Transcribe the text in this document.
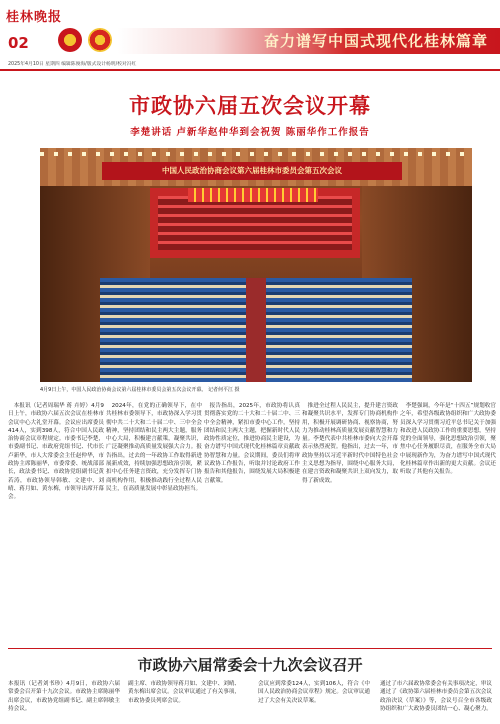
桂林晚报
02	奋力谱写中国式现代化桂林篇章
2025年4月10日 星期四 编辑陈俊海/版式设计杨明/校对冯红
市政协六届五次会议开幕
李楚讲话 卢新华赵仲华到会祝贺 陈丽华作工作报告
中国人民政治协商会议第六届桂林市委员会第五次会议
4月9日上午，中国人民政治协商会议第六届桂林市委员会第五次会议开幕。 记者何平江 摄

本报讯（记者周瑞华 蒋 卉婷）4月9日上午，市政协六届五次会议在桂林市会议中心大礼堂开幕。会议应出席委员414人，实到398人，符合中国人民政治协商会议章程规定。市委书记李楚，市委副书记、市政府党组书记、代市长卢新华，市人大常委会主任赵仲华，市政协主席陈丽华，市委常委、统战部部长，政法委书记、市政协党组副书记黄若涛，市政协领导韩敏、文建中、刘晴、蒋月如、黄东梅，市领导出席开幕会。

2024年，在党的正确领导下，在中共桂林市委领导下，市政协深入学习贯彻中共二十大和二十届二中、三中全会精神，坚持团结和民主两大主题，服务中心大局，积极建言献策，凝聚共识，广泛凝聚推动高质量发展强大合力。报告指出，过去的一年政协工作取得新进展新成效，持续加强思想政治引领，紧扣中心任务建言资政，充分发挥专门协商机构作用，积极推动践行全过程人民民主，在高质量发展中彰显政协担当。

报告指出，2025年，市政协将认真贯彻落实党的二十大和二十届二中、三中全会精神，紧扣市委中心工作，坚持团结和民主两大主题，把握新时代人民政协性质定位，推进协商民主建设，为奋力谱写中国式现代化桂林篇章贡献政协智慧和力量。会议期间，委员们将审议政协工作报告，听取并讨论政府工作报告和其他报告，围绕发展大局积极建言献策。

推进全过程人民民主，提升建言资政和凝聚共识水平，发挥专门协商机构作用，积极开展调研协商、视察协商，努力为推动桂林高质量发展贡献智慧和力量。李楚代表中共桂林市委向大会开幕表示热烈祝贺。他指出，过去一年，市政协坚持以习近平新时代中国特色社会主义思想为指导，围绕中心服务大局，在建言资政和凝聚共识上双向发力，取得了新成效。

李楚强调，今年是“十四五”规划收官之年，希望各级政协组织和广大政协委员深入学习贯彻习近平总书记关于加强和改进人民政协工作的重要思想，坚持党的全面领导，强化思想政治引领，聚焦中心任务履职尽责，在服务全市大局中展现新作为，为奋力谱写中国式现代化桂林篇章作出新的更大贡献。会议还听取了其他有关报告。

市政协六届常委会十九次会议召开

本报讯（记者刘书珍）4月9日，市政协六届常委会召开第十九次会议。市政协主席陈丽华出席会议，市政协党组副书记、副主席韩敏主持会议。

副主席、市政协领导蒋月如、文建中、刘晴、黄东梅出席会议。会议审议通过了有关事项，市政协委员列席会议。

会议应到常委124人，实到106人，符合《中国人民政治协商会议章程》规定。会议审议通过了大会有关决议草案。

通过了市六届政协常委会有关事项决定，审议通过了《政协第六届桂林市委员会第五次会议政治决议（草案）》等，会议号召全市各级政协组织和广大政协委员团结一心、凝心聚力。
